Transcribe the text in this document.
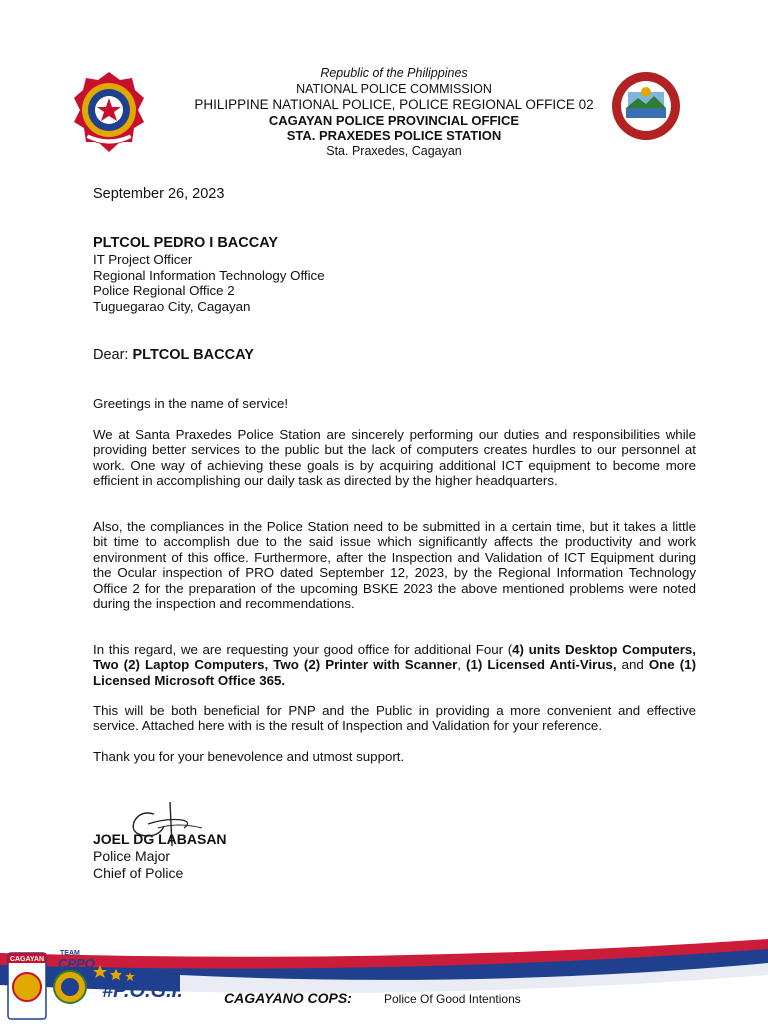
Republic of the Philippines
NATIONAL POLICE COMMISSION
PHILIPPINE NATIONAL POLICE, POLICE REGIONAL OFFICE 02
CAGAYAN POLICE PROVINCIAL OFFICE
STA. PRAXEDES POLICE STATION
Sta. Praxedes, Cagayan
September 26, 2023
PLTCOL PEDRO I BACCAY
IT Project Officer
Regional Information Technology Office
Police Regional Office 2
Tuguegarao City, Cagayan
Dear: PLTCOL BACCAY
Greetings in the name of service!
We at Santa Praxedes Police Station are sincerely performing our duties and responsibilities while providing better services to the public but the lack of computers creates hurdles to our personnel at work. One way of achieving these goals is by acquiring additional ICT equipment to become more efficient in accomplishing our daily task as directed by the higher headquarters.
Also, the compliances in the Police Station need to be submitted in a certain time, but it takes a little bit time to accomplish due to the said issue which significantly affects the productivity and work environment of this office. Furthermore, after the Inspection and Validation of ICT Equipment during the Ocular inspection of PRO dated September 12, 2023, by the Regional Information Technology Office 2 for the preparation of the upcoming BSKE 2023 the above mentioned problems were noted during the inspection and recommendations.
In this regard, we are requesting your good office for additional Four (4) units Desktop Computers, Two (2) Laptop Computers, Two (2) Printer with Scanner, (1) Licensed Anti-Virus, and One (1) Licensed Microsoft Office 365.
This will be both beneficial for PNP and the Public in providing a more convenient and effective service. Attached here with is the result of Inspection and Validation for your reference.
Thank you for your benevolence and utmost support.
JOEL DG LABASAN
Police Major
Chief of Police
CAGAYAN
TEAM
CPPO
#P.O.G.I.	CAGAYANO COPS:	Police Of Good Intentions
